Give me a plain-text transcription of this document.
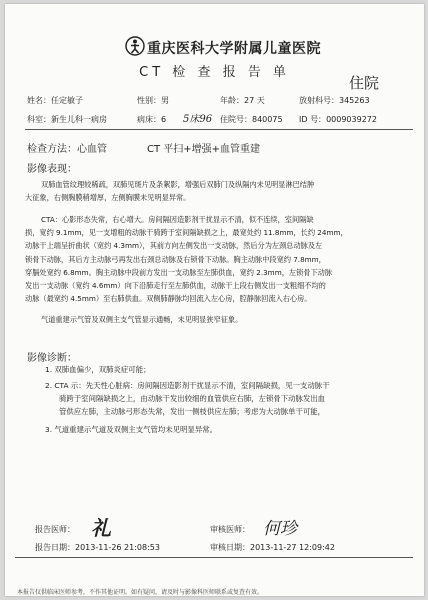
重庆医科大学附属儿童医院
CT 检 查 报 告 单
住院
姓名：任定敏子	性别：男	年龄：27 天	放射科号：345263
科室：新生儿科一病房	病床：6 5床96 住院号：840075 ID 号：0009039272
检查方法：心血管	CT 平扫+增强+血管重建
影像表现：
双肺血管纹理较稀疏，双肺见斑片及条絮影，增强后双肺门及纵隔内未见明显淋巴结肿
大征象，右侧胸膜稍增厚，左侧胸膜未见明显异常。
CTA：心影形态失常，右心增大。房间隔因造影剂干扰显示不清，似不连续，室间隔缺
损，宽约 9.1mm，见一支增粗的动脉干骑跨于室间隔缺损之上，最宽处约 11.8mm，长约 24mm，
动脉干上端呈折曲状（宽约 4.3mm），其前方向左侧发出一支动脉，然后分为左颈总动脉及左
锁骨下动脉，其后方主动脉弓再发出右颈总动脉及右锁骨下动脉。胸主动脉中段宽约 7.8mm，
穿膈处宽约 6.8mm。胸主动脉中段前方发出一支动脉至左肺供血，宽约 2.3mm，左锁骨下动脉
发出一支动脉（宽约 4.6mm）向下沿肺走行至左肺供血，动脉干上段右侧发出一支粗细不均的
动脉（最宽约 4.5mm）至右肺供血。双侧肺静脉均回流入左心房，腔静脉回流入右心房。
气道重建示气管及双侧主支气管显示通畅，未见明显狭窄征象。
影像诊断：
1. 双肺血偏少，双肺炎症可能；
2. CTA 示：先天性心脏病：房间隔因造影剂干扰显示不清，室间隔缺损，见一支动脉干
骑跨于室间隔缺损之上，由动脉干发出较细的血管供应右肺，左锁骨下动脉发出血
管供应左肺，主动脉弓形态失常，发出一侧枝供应左肺；考虑为大动脉单干可能，
3. 气道重建示气道及双侧主支气管均未见明显异常。
报告医师： 礼	审核医师： 何珍
报告日期：2013-11-26 21:08:53	审核日期：2013-11-27 12:09:42
本报告仅供临床医师参考，不作其他证明。如有疑问，请及时与影像科医师联系或复查有效。
